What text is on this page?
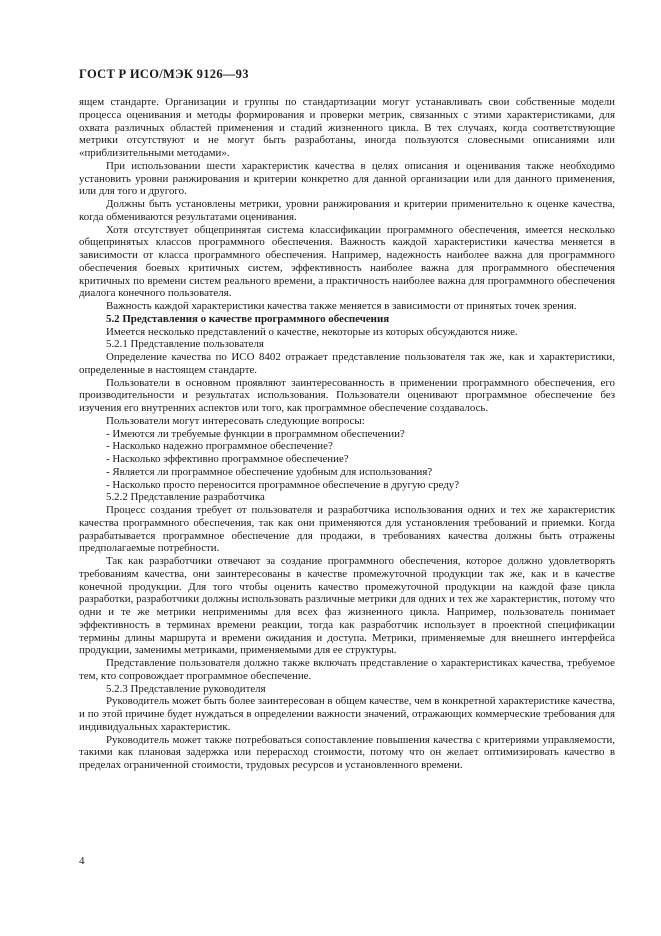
ГОСТ Р ИСО/МЭК 9126—93

ящем стандарте. Организации и группы по стандартизации могут устанавливать свои собственные модели процесса оценивания и методы формирования и проверки метрик, связанных с этими характеристиками, для охвата различных областей применения и стадий жизненного цикла. В тех случаях, когда соответствующие метрики отсутствуют и не могут быть разработаны, иногда пользуются словесными описаниями или «приблизительными методами».

При использовании шести характеристик качества в целях описания и оценивания также необходимо установить уровни ранжирования и критерии конкретно для данной организации или для данного применения, или для того и другого.

Должны быть установлены метрики, уровни ранжирования и критерии применительно к оценке качества, когда обмениваются результатами оценивания.

Хотя отсутствует общепринятая система классификации программного обеспечения, имеется несколько общепринятых классов программного обеспечения. Важность каждой характеристики качества меняется в зависимости от класса программного обеспечения. Например, надежность наиболее важна для программного обеспечения боевых критичных систем, эффективность наиболее важна для программного обеспечения критичных по времени систем реального времени, а практичность наиболее важна для программного обеспечения диалога конечного пользователя.

Важность каждой характеристики качества также меняется в зависимости от принятых точек зрения.

5.2 Представления о качестве программного обеспечения

Имеется несколько представлений о качестве, некоторые из которых обсуждаются ниже.

5.2.1 Представление пользователя

Определение качества по ИСО 8402 отражает представление пользователя так же, как и характеристики, определенные в настоящем стандарте.

Пользователи в основном проявляют заинтересованность в применении программного обеспечения, его производительности и результатах использования. Пользователи оценивают программное обеспечение без изучения его внутренних аспектов или того, как программное обеспечение создавалось.

Пользователи могут интересовать следующие вопросы:

- Имеются ли требуемые функции в программном обеспечении?

- Насколько надежно программное обеспечение?

- Насколько эффективно программное обеспечение?

- Является ли программное обеспечение удобным для использования?

- Насколько просто переносится программное обеспечение в другую среду?

5.2.2 Представление разработчика

Процесс создания требует от пользователя и разработчика использования одних и тех же характеристик качества программного обеспечения, так как они применяются для установления требований и приемки. Когда разрабатывается программное обеспечение для продажи, в требованиях качества должны быть отражены предполагаемые потребности.

Так как разработчики отвечают за создание программного обеспечения, которое должно удовлетворять требованиям качества, они заинтересованы в качестве промежуточной продукции так же, как и в качестве конечной продукции. Для того чтобы оценить качество промежуточной продукции на каждой фазе цикла разработки, разработчики должны использовать различные метрики для одних и тех же характеристик, потому что одни и те же метрики неприменимы для всех фаз жизненного цикла. Например, пользователь понимает эффективность в терминах времени реакции, тогда как разработчик использует в проектной спецификации термины длины маршрута и времени ожидания и доступа. Метрики, применяемые для внешнего интерфейса продукции, заменимы метриками, применяемыми для ее структуры.

Представление пользователя должно также включать представление о характеристиках качества, требуемое тем, кто сопровождает программное обеспечение.

5.2.3 Представление руководителя

Руководитель может быть более заинтересован в общем качестве, чем в конкретной характеристике качества, и по этой причине будет нуждаться в определении важности значений, отражающих коммерческие требования для индивидуальных характеристик.

Руководитель может также потребоваться сопоставление повышения качества с критериями управляемости, такими как плановая задержка или перерасход стоимости, потому что он желает оптимизировать качество в пределах ограниченной стоимости, трудовых ресурсов и установленного времени.

4
